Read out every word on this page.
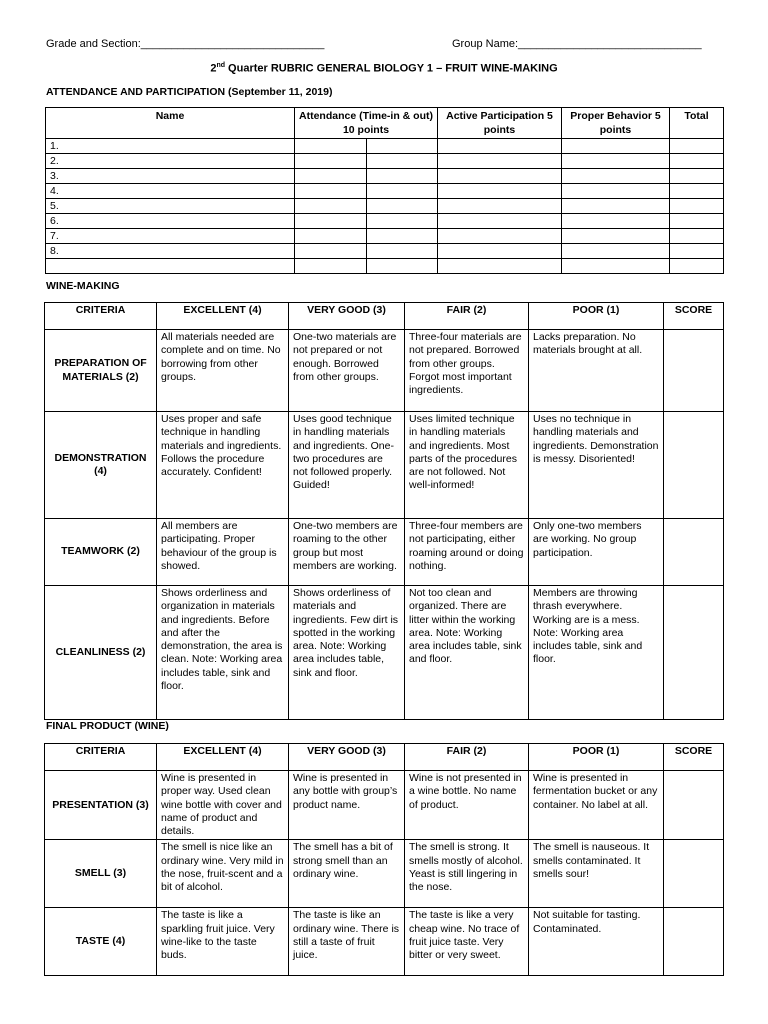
Grade and Section:______________________________	Group Name:______________________________
2nd Quarter RUBRIC GENERAL BIOLOGY 1 – FRUIT WINE-MAKING
ATTENDANCE AND PARTICIPATION (September 11, 2019)
Name	Attendance (Time-in & out) 10 points		Active Participation 5 points	Proper Behavior 5 points	Total
1.					
2.					
3.					
4.					
5.					
6.					
7.					
8.					

WINE-MAKING
CRITERIA	EXCELLENT (4)	VERY GOOD (3)	FAIR (2)	POOR (1)	SCORE
PREPARATION OF MATERIALS (2)	All materials needed are complete and on time. No borrowing from other groups.	One-two materials are not prepared or not enough. Borrowed from other groups.	Three-four materials are not prepared. Borrowed from other groups. Forgot most important ingredients.	Lacks preparation. No materials brought at all.	
DEMONSTRATION (4)	Uses proper and safe technique in handling materials and ingredients. Follows the procedure accurately. Confident!	Uses good technique in handling materials and ingredients. One-two procedures are not followed properly. Guided!	Uses limited technique in handling materials and ingredients. Most parts of the procedures are not followed. Not well-informed!	Uses no technique in handling materials and ingredients. Demonstration is messy. Disoriented!	
TEAMWORK (2)	All members are participating. Proper behaviour of the group is showed.	One-two members are roaming to the other group but most members are working.	Three-four members are not participating, either roaming around or doing nothing.	Only one-two members are working. No group participation.	
CLEANLINESS (2)	Shows orderliness and organization in materials and ingredients. Before and after the demonstration, the area is clean. Note: Working area includes table, sink and floor.	Shows orderliness of materials and ingredients. Few dirt is spotted in the working area. Note: Working area includes table, sink and floor.	Not too clean and organized. There are litter within the working area. Note: Working area includes table, sink and floor.	Members are throwing thrash everywhere. Working are is a mess. Note: Working area includes table, sink and floor.	
FINAL PRODUCT (WINE)
CRITERIA	EXCELLENT (4)	VERY GOOD (3)	FAIR (2)	POOR (1)	SCORE
PRESENTATION (3)	Wine is presented in proper way. Used clean wine bottle with cover and name of product and details.	Wine is presented in any bottle with group’s product name.	Wine is not presented in a wine bottle. No name of product.	Wine is presented in fermentation bucket or any container. No label at all.	
SMELL (3)	The smell is nice like an ordinary wine. Very mild in the nose, fruit-scent and a bit of alcohol.	The smell has a bit of strong smell than an ordinary wine.	The smell is strong. It smells mostly of alcohol. Yeast is still lingering in the nose.	The smell is nauseous. It smells contaminated. It smells sour!	
TASTE (4)	The taste is like a sparkling fruit juice. Very wine-like to the taste buds.	The taste is like an ordinary wine. There is still a taste of fruit juice.	The taste is like a very cheap wine. No trace of fruit juice taste. Very bitter or very sweet.	Not suitable for tasting. Contaminated.	
